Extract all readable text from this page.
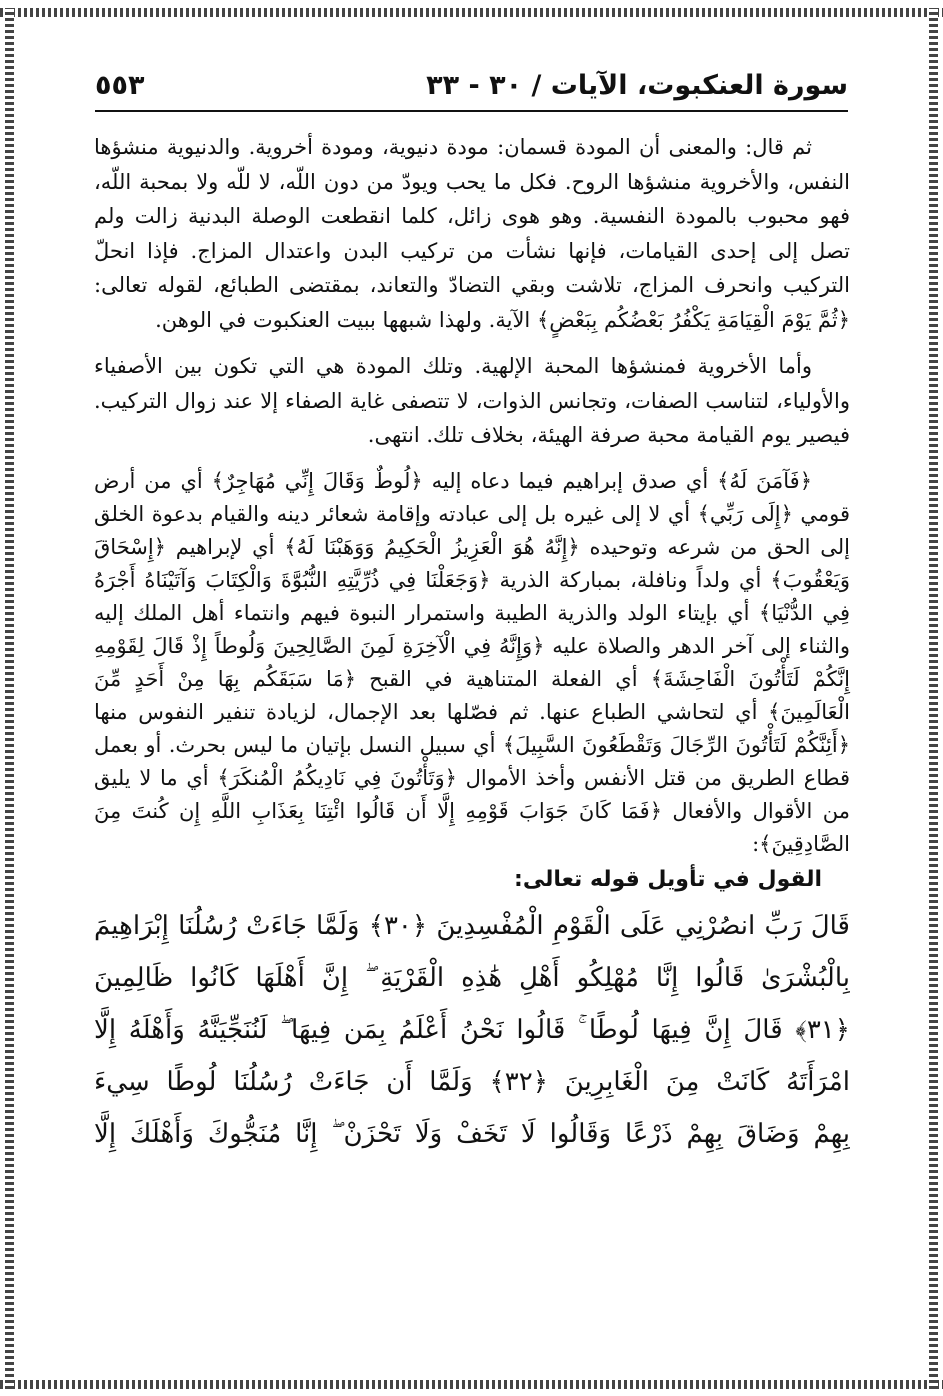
سورة العنكبوت، الآيات / ٣٠ - ٣٣
٥٥٣

ثم قال: والمعنى أن المودة قسمان: مودة دنيوية، ومودة أخروية. والدنيوية منشؤها النفس، والأخروية منشؤها الروح. فكل ما يحب ويودّ من دون اللّه، لا للّه ولا بمحبة اللّه، فهو محبوب بالمودة النفسية. وهو هوى زائل، كلما انقطعت الوصلة البدنية زالت ولم تصل إلى إحدى القيامات، فإنها نشأت من تركيب البدن واعتدال المزاج. فإذا انحلّ التركيب وانحرف المزاج، تلاشت وبقي التضادّ والتعاند، بمقتضى الطبائع، لقوله تعالى: ﴿ثُمَّ يَوْمَ الْقِيَامَةِ يَكْفُرُ بَعْضُكُم بِبَعْضٍ﴾ الآية. ولهذا شبهها ببيت العنكبوت في الوهن.

وأما الأخروية فمنشؤها المحبة الإلهية. وتلك المودة هي التي تكون بين الأصفياء والأولياء، لتناسب الصفات، وتجانس الذوات، لا تتصفى غاية الصفاء إلا عند زوال التركيب. فيصير يوم القيامة محبة صرفة الهيئة، بخلاف تلك. انتهى.

﴿فَآمَنَ لَهُ﴾ أي صدق إبراهيم فيما دعاه إليه ﴿لُوطٌ وَقَالَ إِنِّي مُهَاجِرٌ﴾ أي من أرض قومي ﴿إِلَى رَبِّي﴾ أي لا إلى غيره بل إلى عبادته وإقامة شعائر دينه والقيام بدعوة الخلق إلى الحق من شرعه وتوحيده ﴿إِنَّهُ هُوَ الْعَزِيزُ الْحَكِيمُ وَوَهَبْنَا لَهُ﴾ أي لإبراهيم ﴿إِسْحَاقَ وَيَعْقُوبَ﴾ أي ولداً ونافلة، بمباركة الذرية ﴿وَجَعَلْنَا فِي ذُرِّيَّتِهِ النُّبُوَّةَ وَالْكِتَابَ وَآتَيْنَاهُ أَجْرَهُ فِي الدُّنْيَا﴾ أي بإيتاء الولد والذرية الطيبة واستمرار النبوة فيهم وانتماء أهل الملك إليه والثناء إلى آخر الدهر والصلاة عليه ﴿وَإِنَّهُ فِي الْآخِرَةِ لَمِنَ الصَّالِحِينَ وَلُوطاً إِذْ قَالَ لِقَوْمِهِ إِنَّكُمْ لَتَأْتُونَ الْفَاحِشَةَ﴾ أي الفعلة المتناهية في القبح ﴿مَا سَبَقَكُم بِهَا مِنْ أَحَدٍ مِّنَ الْعَالَمِينَ﴾ أي لتحاشي الطباع عنها. ثم فصّلها بعد الإجمال، لزيادة تنفير النفوس منها ﴿أَئِنَّكُمْ لَتَأْتُونَ الرِّجَالَ وَتَقْطَعُونَ السَّبِيلَ﴾ أي سبيل النسل بإتيان ما ليس بحرث. أو بعمل قطاع الطريق من قتل الأنفس وأخذ الأموال ﴿وَتَأْتُونَ فِي نَادِيكُمُ الْمُنكَرَ﴾ أي ما لا يليق من الأقوال والأفعال ﴿فَمَا كَانَ جَوَابَ قَوْمِهِ إِلَّا أَن قَالُوا ائْتِنَا بِعَذَابِ اللَّهِ إِن كُنتَ مِنَ الصَّادِقِينَ﴾:

القول في تأويل قوله تعالى:
قَالَ رَبِّ انصُرْنِي عَلَى الْقَوْمِ الْمُفْسِدِينَ ﴿٣٠﴾ وَلَمَّا جَاءَتْ رُسُلُنَا إِبْرَاهِيمَ
بِالْبُشْرَىٰ قَالُوا إِنَّا مُهْلِكُو أَهْلِ هَٰذِهِ الْقَرْيَةِ ۖ إِنَّ أَهْلَهَا كَانُوا ظَالِمِينَ
﴿٣١﴾ قَالَ إِنَّ فِيهَا لُوطًا ۚ قَالُوا نَحْنُ أَعْلَمُ بِمَن فِيهَا ۖ لَنُنَجِّيَنَّهُ وَأَهْلَهُ إِلَّا
امْرَأَتَهُ كَانَتْ مِنَ الْغَابِرِينَ ﴿٣٢﴾ وَلَمَّا أَن جَاءَتْ رُسُلُنَا لُوطًا سِيءَ
بِهِمْ وَضَاقَ بِهِمْ ذَرْعًا وَقَالُوا لَا تَخَفْ وَلَا تَحْزَنْ ۖ إِنَّا مُنَجُّوكَ وَأَهْلَكَ إِلَّا
